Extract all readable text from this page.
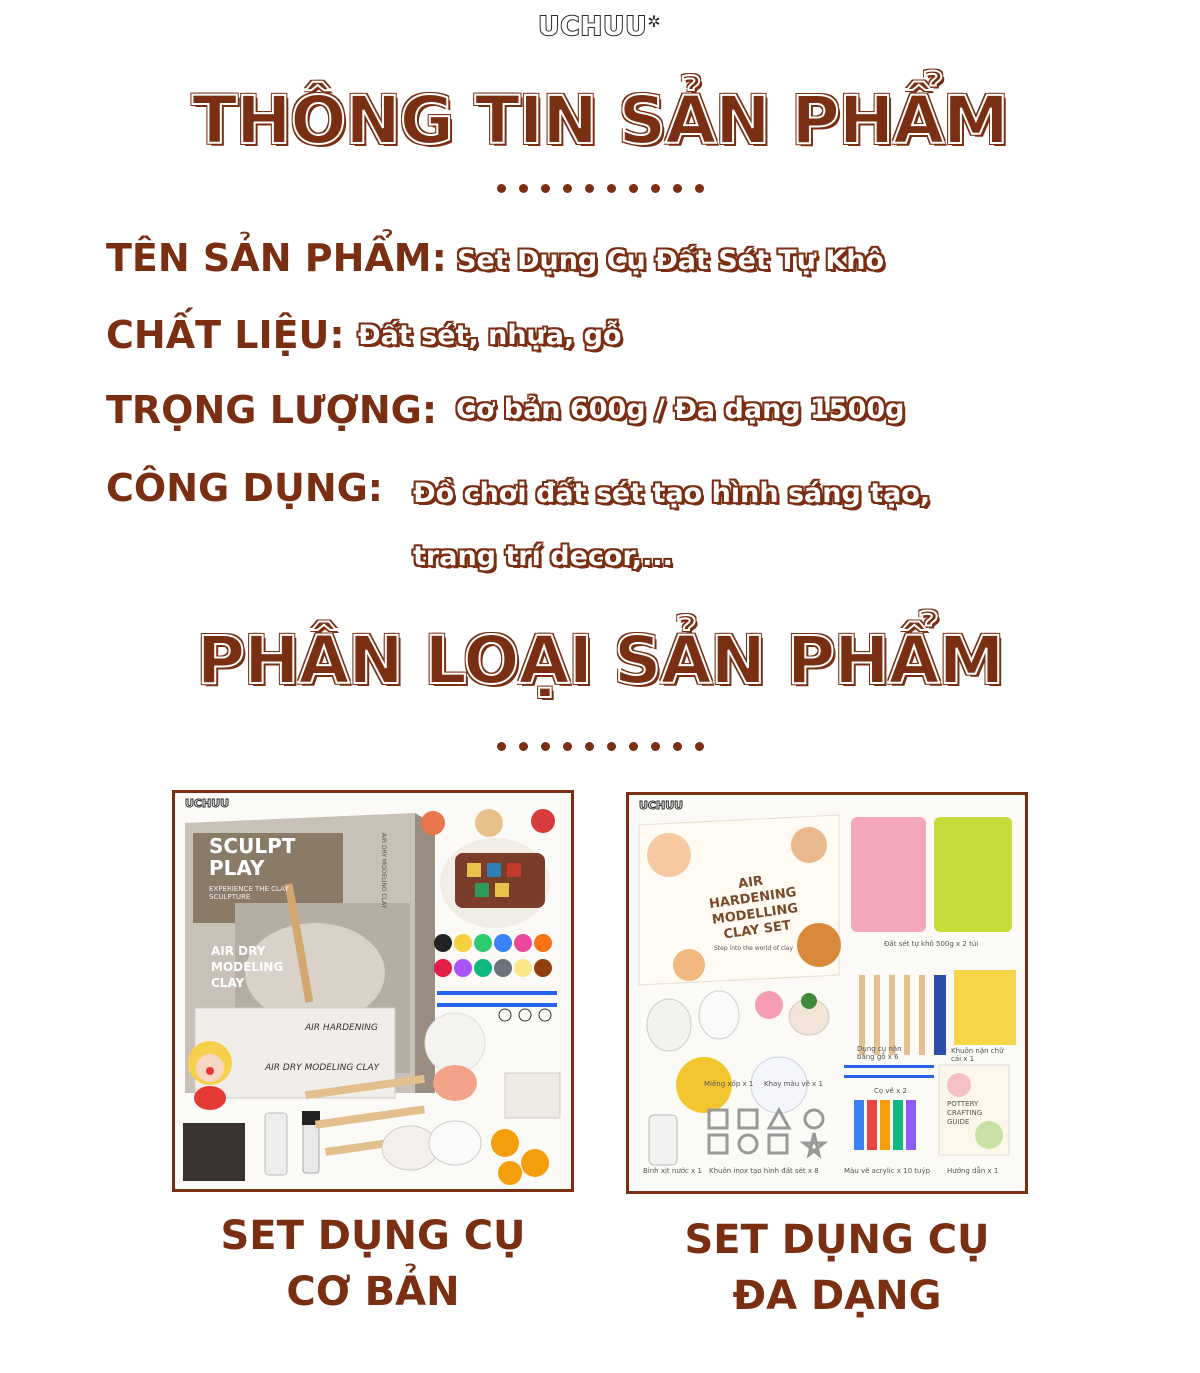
UCHUU✲
THÔNG TIN SẢN PHẨM
TÊN SẢN PHẨM: Set Dụng Cụ Đất Sét Tự Khô
CHẤT LIỆU: Đất sét, nhựa, gỗ
TRỌNG LƯỢNG: Cơ bản 600g / Đa dạng 1500g
CÔNG DỤNG: Đồ chơi đất sét tạo hình sáng tạo,
trang trí decor,...
PHÂN LOẠI SẢN PHẨM
UCHUU
SCULPT PLAY
EXPERIENCE THE CLAY SCULPTURE
AIR DRY MODELING CLAY
AIR HARDENING
AIR DRY MODELING CLAY
AIR DRY MODELING CLAY
SET DỤNG CỤ
CƠ BẢN
UCHUU
AIR HARDENING MODELLING CLAY SET
Step into the world of clay
Đất sét tự khô 500g x 2 túi
Dụng cụ nặn bằng gỗ x 6
Khuôn nặn chữ cái x 1
Miếng xốp x 1 Khay màu vẽ x 1
Cọ vẽ x 2
Bình xịt nước x 1 Khuôn inox tạo hình đất sét x 8	Màu vẽ acrylic x 10 tuýp Hướng dẫn x 1
POTTERY CRAFTING GUIDE
SET DỤNG CỤ
ĐA DẠNG
